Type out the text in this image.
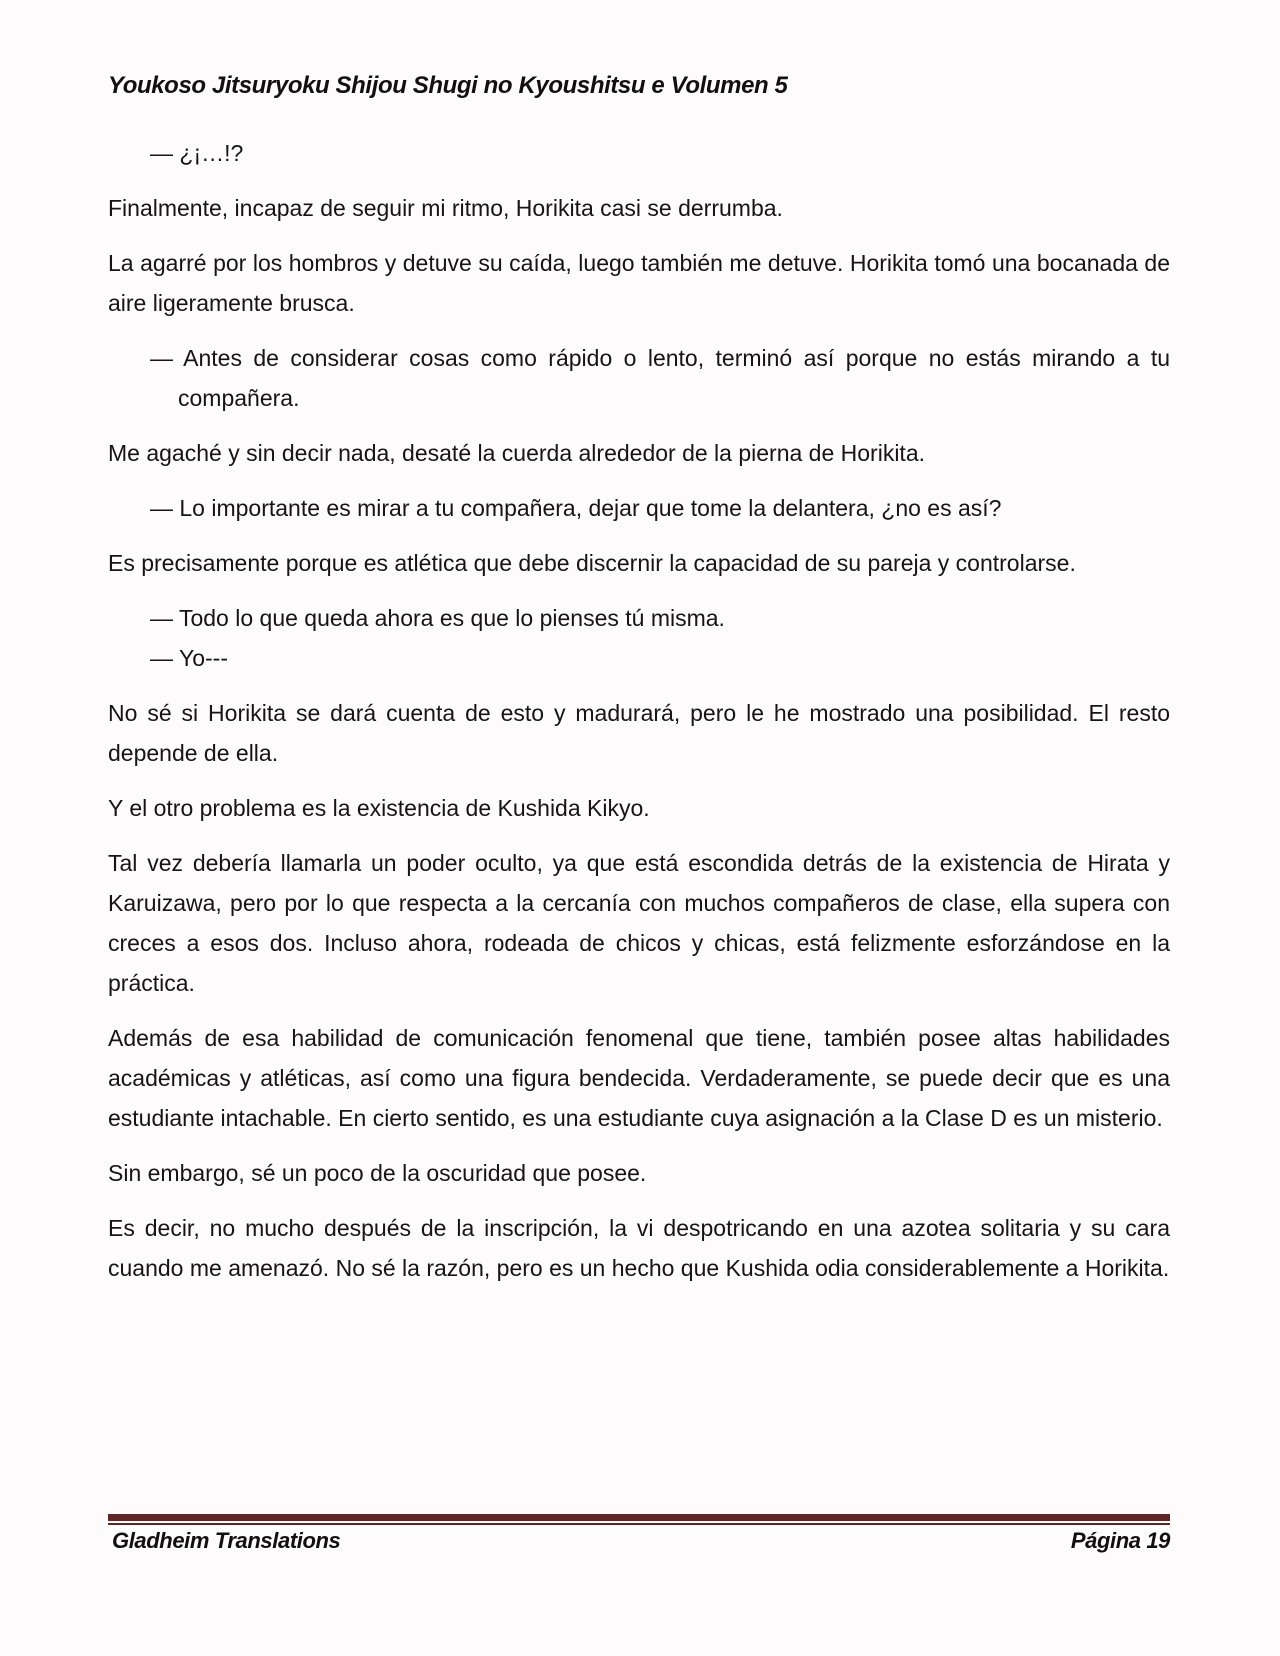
Youkoso Jitsuryoku Shijou Shugi no Kyoushitsu e Volumen 5
— ¿¡…!?
Finalmente, incapaz de seguir mi ritmo, Horikita casi se derrumba.
La agarré por los hombros y detuve su caída, luego también me detuve. Horikita tomó una bocanada de aire ligeramente brusca.
— Antes de considerar cosas como rápido o lento, terminó así porque no estás mirando a tu compañera.
Me agaché y sin decir nada, desaté la cuerda alrededor de la pierna de Horikita.
— Lo importante es mirar a tu compañera, dejar que tome la delantera, ¿no es así?
Es precisamente porque es atlética que debe discernir la capacidad de su pareja y controlarse.
— Todo lo que queda ahora es que lo pienses tú misma.
— Yo---
No sé si Horikita se dará cuenta de esto y madurará, pero le he mostrado una posibilidad. El resto depende de ella.
Y el otro problema es la existencia de Kushida Kikyo.
Tal vez debería llamarla un poder oculto, ya que está escondida detrás de la existencia de Hirata y Karuizawa, pero por lo que respecta a la cercanía con muchos compañeros de clase, ella supera con creces a esos dos. Incluso ahora, rodeada de chicos y chicas, está felizmente esforzándose en la práctica.
Además de esa habilidad de comunicación fenomenal que tiene, también posee altas habilidades académicas y atléticas, así como una figura bendecida. Verdaderamente, se puede decir que es una estudiante intachable. En cierto sentido, es una estudiante cuya asignación a la Clase D es un misterio.
Sin embargo, sé un poco de la oscuridad que posee.
Es decir, no mucho después de la inscripción, la vi despotricando en una azotea solitaria y su cara cuando me amenazó. No sé la razón, pero es un hecho que Kushida odia considerablemente a Horikita.
Gladheim Translations	Página 19
